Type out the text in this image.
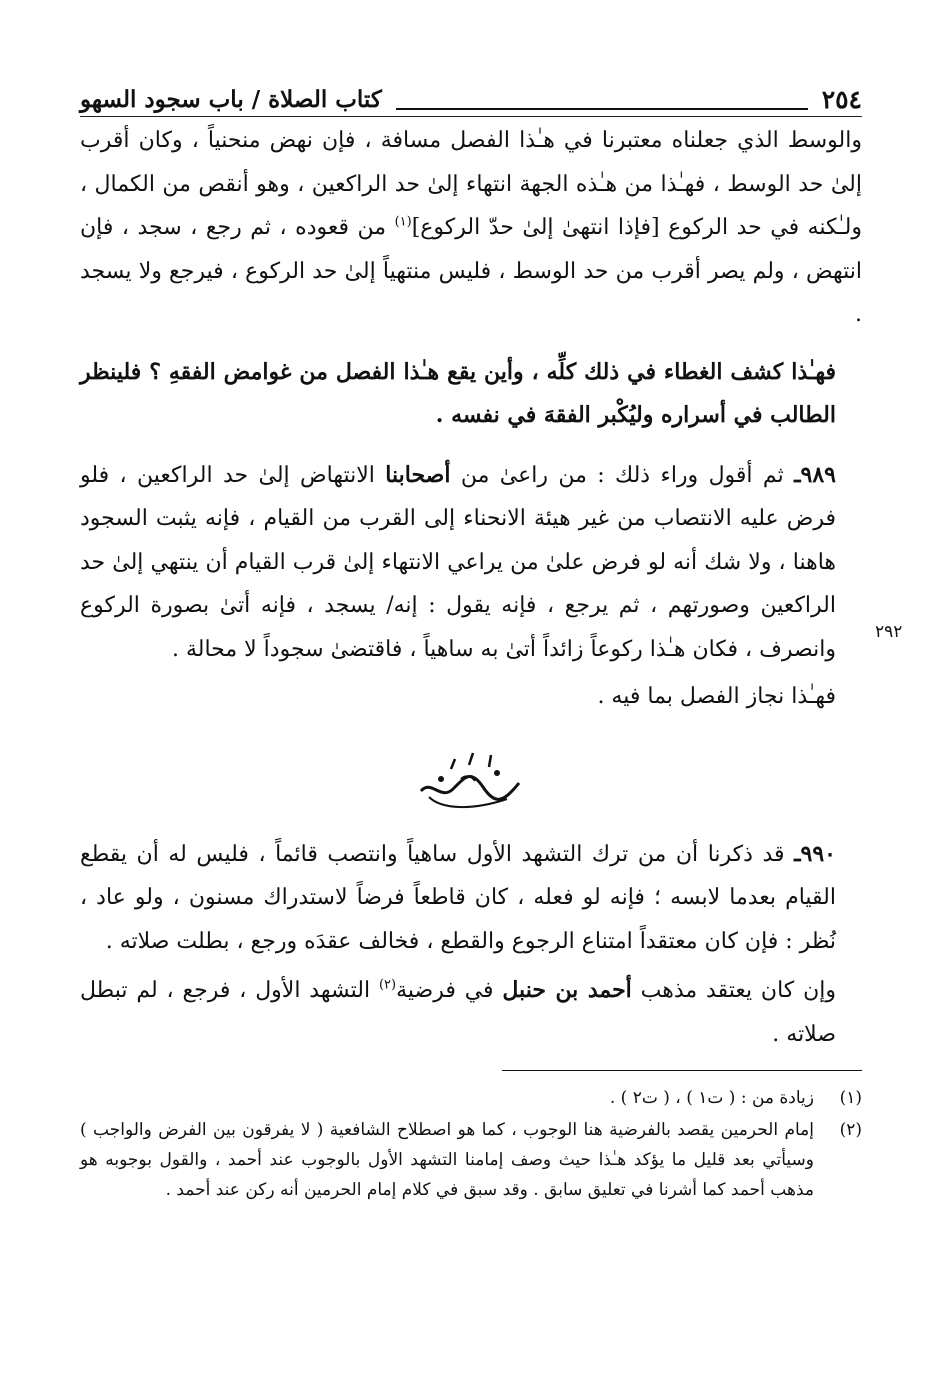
٢٥٤
كتاب الصلاة / باب سجود السهو

والوسط الذي جعلناه معتبرنا في هـٰذا الفصل مسافة ، فإن نهض منحنياً ، وكان أقرب إلىٰ حد الوسط ، فهـٰذا من هـٰذه الجهة انتهاء إلىٰ حد الراكعين ، وهو أنقص من الكمال ، ولـٰكنه في حد الركوع [فإذا انتهىٰ إلىٰ حدّ الركوع]$^{(١)}$ من قعوده ، ثم رجع ، سجد ، فإن انتهض ، ولم يصر أقرب من حد الوسط ، فليس منتهياً إلىٰ حد الركوع ، فيرجع ولا يسجد .

فهـٰذا كشف الغطاء في ذلك كلِّه ، وأين يقع هـٰذا الفصل من غوامض الفقهِ ؟ فلينظر الطالب في أسراره وليُكْبر الفقهَ في نفسه .

٩٨٩ـ ثم أقول وراء ذلك : من راعىٰ من أصحابنا الانتهاض إلىٰ حد الراكعين ، فلو فرض عليه الانتصاب من غير هيئة الانحناء إلى القرب من القيام ، فإنه يثبت السجود هاهنا ، ولا شك أنه لو فرض علىٰ من يراعي الانتهاء إلىٰ قرب القيام أن ينتهي إلىٰ حد الراكعين وصورتهم ، ثم يرجع ، فإنه يقول : إنه/ يسجد ، فإنه أتىٰ بصورة الركوع وانصرف ، فكان هـٰذا ركوعاً زائداً أتىٰ به ساهياً ، فاقتضىٰ سجوداً لا محالة .

فهـٰذا نجاز الفصل بما فيه .

٩٩٠ـ قد ذكرنا أن من ترك التشهد الأول ساهياً وانتصب قائماً ، فليس له أن يقطع القيام بعدما لابسه ؛ فإنه لو فعله ، كان قاطعاً فرضاً لاستدراك مسنون ، ولو عاد ، نُظر : فإن كان معتقداً امتناع الرجوع والقطع ، فخالف عقدَه ورجع ، بطلت صلاته .

وإن كان يعتقد مذهب أحمد بن حنبل في فرضية$^{(٢)}$ التشهد الأول ، فرجع ، لم تبطل صلاته .

(١)
زيادة من : ( ت١ ) ، ( ت٢ ) .
(٢)
إمام الحرمين يقصد بالفرضية هنا الوجوب ، كما هو اصطلاح الشافعية ( لا يفرقون بين الفرض والواجب ) وسيأتي بعد قليل ما يؤكد هـٰذا حيث وصف إمامنا التشهد الأول بالوجوب عند أحمد ، والقول بوجوبه هو مذهب أحمد كما أشرنا في تعليق سابق . وقد سبق في كلام إمام الحرمين أنه ركن عند أحمد .
٢٩٢
